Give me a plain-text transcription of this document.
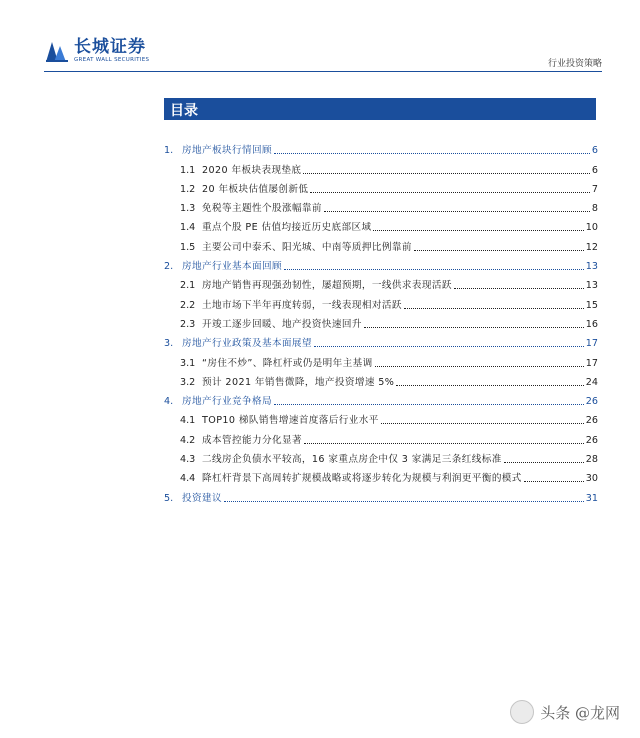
长城证券
GREAT WALL SECURITIES	行业投资策略
目录
1. 房地产板块行情回顾	6
1.1 2020 年板块表现垫底	6
1.2 20 年板块估值屡创新低	7
1.3 免税等主题性个股涨幅靠前	8
1.4 重点个股 PE 估值均接近历史底部区域	10
1.5 主要公司中泰禾、阳光城、中南等质押比例靠前	12
2. 房地产行业基本面回顾	13
2.1 房地产销售再现强劲韧性，屡超预期，一线供求表现活跃	13
2.2 土地市场下半年再度转弱，一线表现相对活跃	15
2.3 开竣工逐步回暖、地产投资快速回升	16
3. 房地产行业政策及基本面展望	17
3.1 “房住不炒”、降杠杆或仍是明年主基调	17
3.2 预计 2021 年销售微降，地产投资增速 5%	24
4. 房地产行业竞争格局	26
4.1 TOP10 梯队销售增速首度落后行业水平	26
4.2 成本管控能力分化显著	26
4.3 二线房企负债水平较高，16 家重点房企中仅 3 家满足三条红线标准	28
4.4 降杠杆背景下高周转扩规模战略或将逐步转化为规模与利润更平衡的模式	30
5. 投资建议	31
头条 @龙网
